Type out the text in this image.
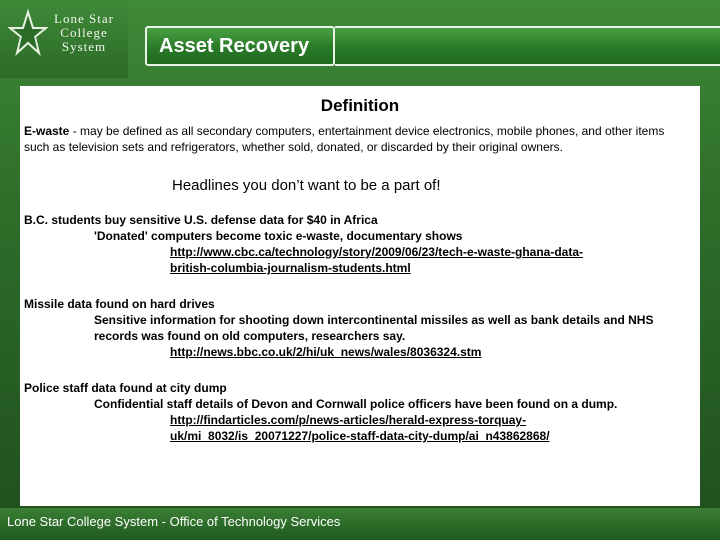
Lone Star
College
System	Asset Recovery
Definition
E-waste - may be defined as all secondary computers, entertainment device electronics, mobile phones, and other items such as television sets and refrigerators, whether sold, donated, or discarded by their original owners.
Headlines you don’t want to be a part of!
B.C. students buy sensitive U.S. defense data for $40 in Africa
'Donated' computers become toxic e-waste, documentary shows
http://www.cbc.ca/technology/story/2009/06/23/tech-e-waste-ghana-data-
british-columbia-journalism-students.html
Missile data found on hard drives
Sensitive information for shooting down intercontinental missiles as well as bank details and NHS records was found on old computers, researchers say.
http://news.bbc.co.uk/2/hi/uk_news/wales/8036324.stm
Police staff data found at city dump
Confidential staff details of Devon and Cornwall police officers have been found on a dump.
http://findarticles.com/p/news-articles/herald-express-torquay-
uk/mi_8032/is_20071227/police-staff-data-city-dump/ai_n43862868/
Lone Star College System - Office of Technology Services
